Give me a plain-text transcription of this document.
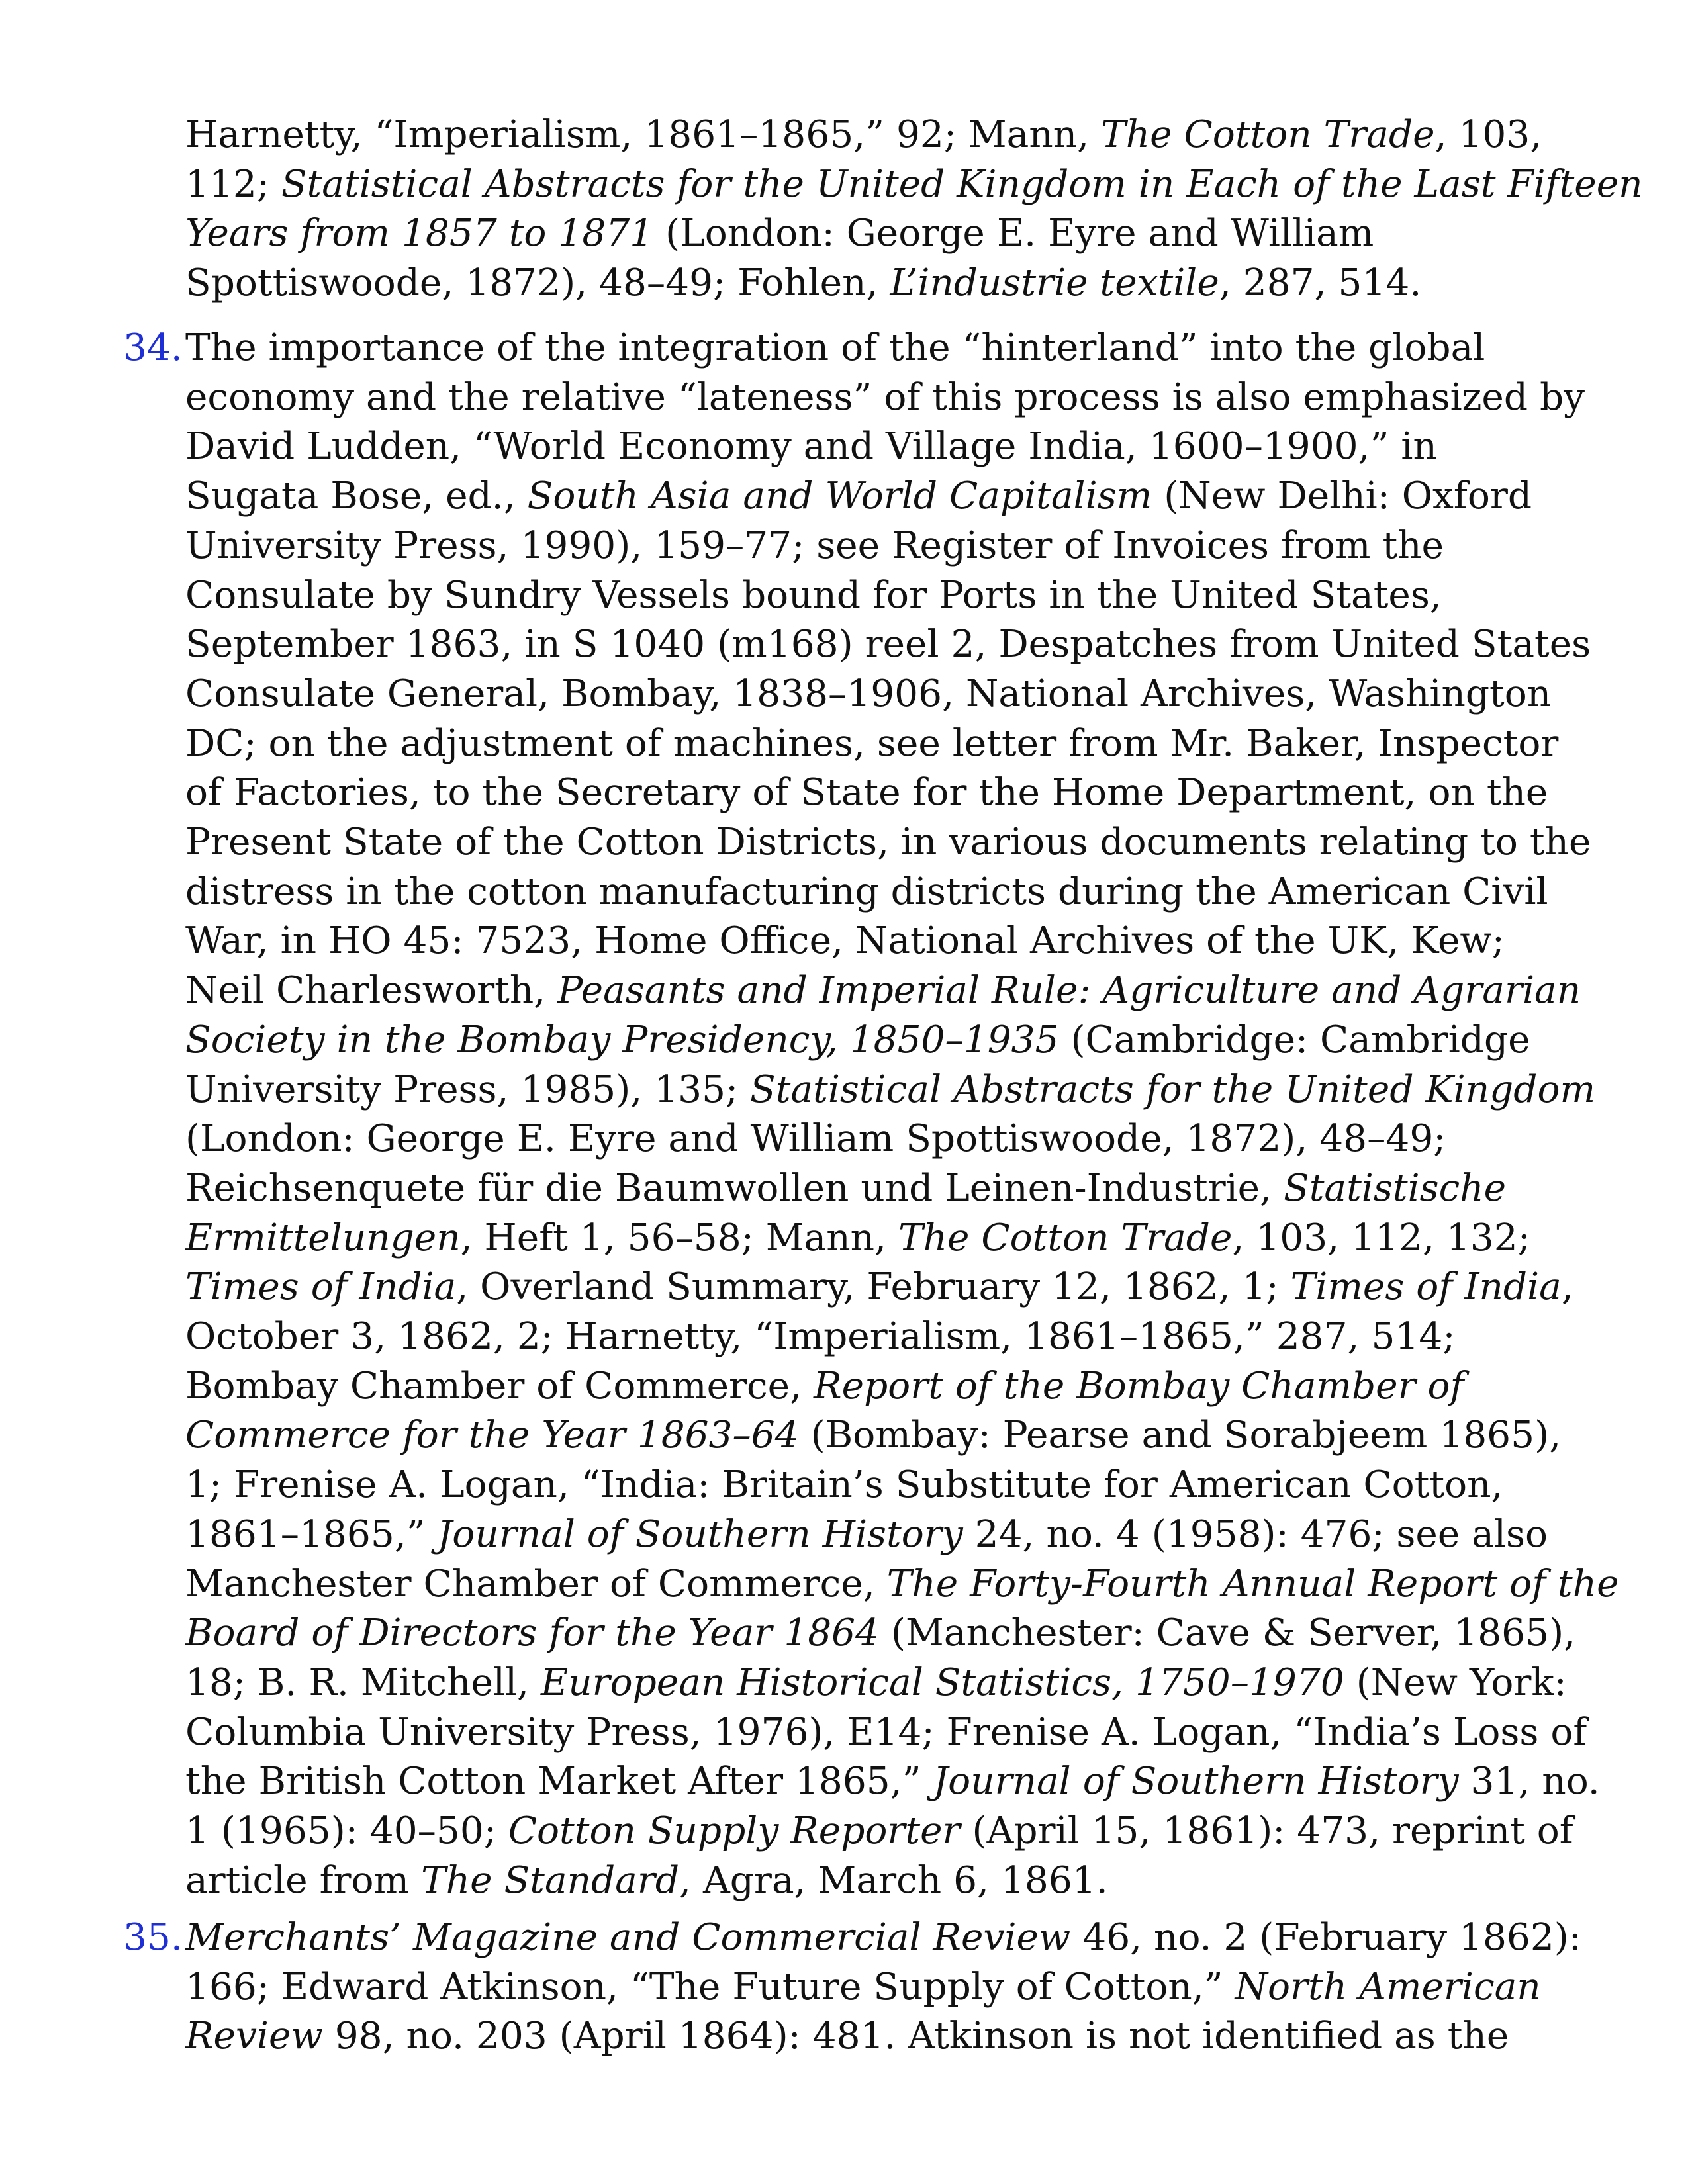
Harnetty, “Imperialism, 1861–1865,” 92; Mann, The Cotton Trade, 103,
112; Statistical Abstracts for the United Kingdom in Each of the Last Fifteen
Years from 1857 to 1871 (London: George E. Eyre and William
Spottiswoode, 1872), 48–49; Fohlen, L’industrie textile, 287, 514.
34. The importance of the integration of the “hinterland” into the global
economy and the relative “lateness” of this process is also emphasized by
David Ludden, “World Economy and Village India, 1600–1900,” in
Sugata Bose, ed., South Asia and World Capitalism (New Delhi: Oxford
University Press, 1990), 159–77; see Register of Invoices from the
Consulate by Sundry Vessels bound for Ports in the United States,
September 1863, in S 1040 (m168) reel 2, Despatches from United States
Consulate General, Bombay, 1838–1906, National Archives, Washington
DC; on the adjustment of machines, see letter from Mr. Baker, Inspector
of Factories, to the Secretary of State for the Home Department, on the
Present State of the Cotton Districts, in various documents relating to the
distress in the cotton manufacturing districts during the American Civil
War, in HO 45: 7523, Home Office, National Archives of the UK, Kew;
Neil Charlesworth, Peasants and Imperial Rule: Agriculture and Agrarian
Society in the Bombay Presidency, 1850–1935 (Cambridge: Cambridge
University Press, 1985), 135; Statistical Abstracts for the United Kingdom
(London: George E. Eyre and William Spottiswoode, 1872), 48–49;
Reichsenquete für die Baumwollen und Leinen-Industrie, Statistische
Ermittelungen, Heft 1, 56–58; Mann, The Cotton Trade, 103, 112, 132;
Times of India, Overland Summary, February 12, 1862, 1; Times of India,
October 3, 1862, 2; Harnetty, “Imperialism, 1861–1865,” 287, 514;
Bombay Chamber of Commerce, Report of the Bombay Chamber of
Commerce for the Year 1863–64 (Bombay: Pearse and Sorabjeem 1865),
1; Frenise A. Logan, “India: Britain’s Substitute for American Cotton,
1861–1865,” Journal of Southern History 24, no. 4 (1958): 476; see also
Manchester Chamber of Commerce, The Forty-Fourth Annual Report of the
Board of Directors for the Year 1864 (Manchester: Cave & Server, 1865),
18; B. R. Mitchell, European Historical Statistics, 1750–1970 (New York:
Columbia University Press, 1976), E14; Frenise A. Logan, “India’s Loss of
the British Cotton Market After 1865,” Journal of Southern History 31, no.
1 (1965): 40–50; Cotton Supply Reporter (April 15, 1861): 473, reprint of
article from The Standard, Agra, March 6, 1861.
35. Merchants’ Magazine and Commercial Review 46, no. 2 (February 1862):
166; Edward Atkinson, “The Future Supply of Cotton,” North American
Review 98, no. 203 (April 1864): 481. Atkinson is not identified as the
